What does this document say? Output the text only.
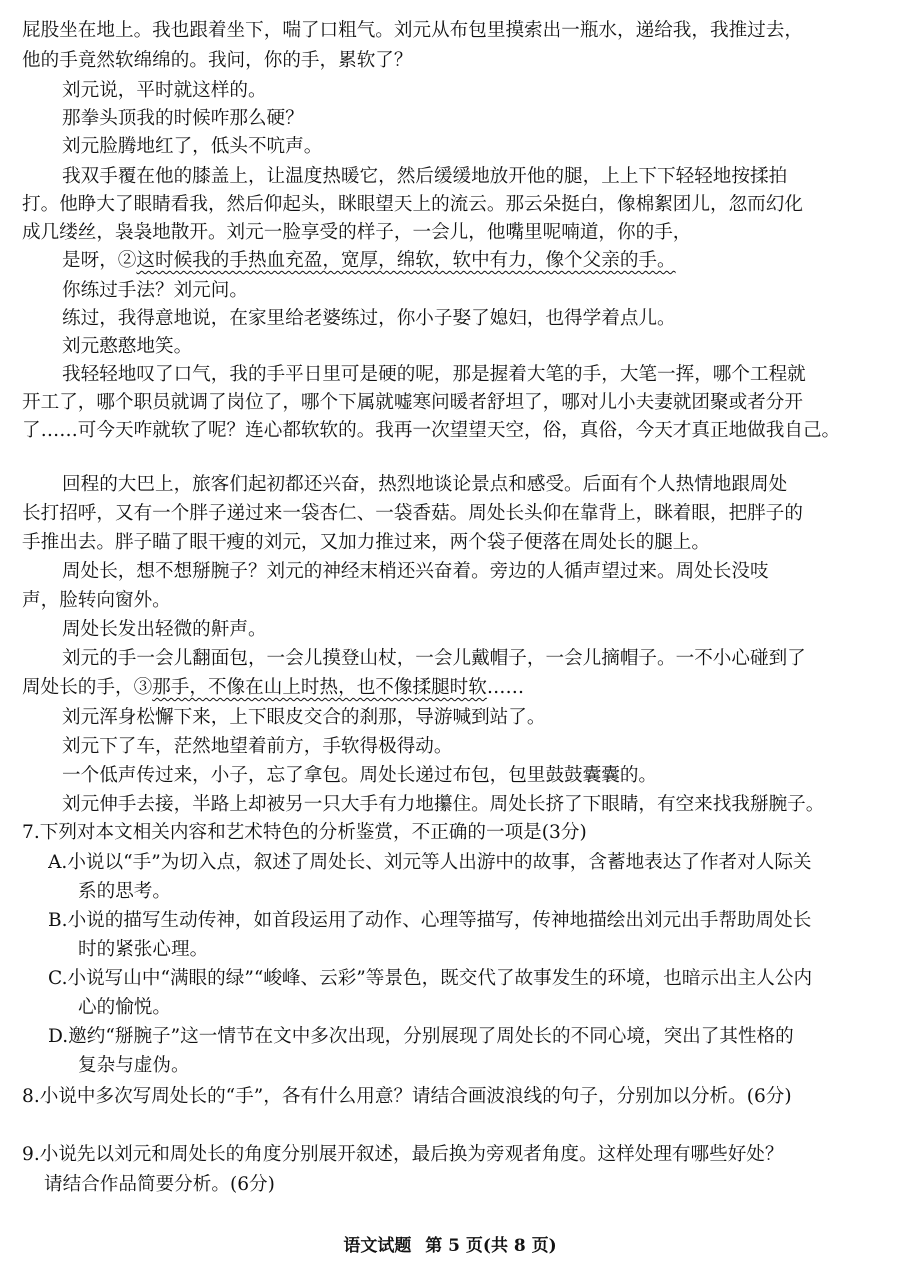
屁股坐在地上。我也跟着坐下，喘了口粗气。刘元从布包里摸索出一瓶水，递给我，我推过去，
他的手竟然软绵绵的。我问，你的手，累软了？
刘元说，平时就这样的。
那拳头顶我的时候咋那么硬？
刘元脸腾地红了，低头不吭声。
我双手覆在他的膝盖上，让温度热暖它，然后缓缓地放开他的腿，上上下下轻轻地按揉拍
打。他睁大了眼睛看我，然后仰起头，眯眼望天上的流云。那云朵挺白，像棉絮团儿，忽而幻化
成几缕丝，袅袅地散开。刘元一脸享受的样子，一会儿，他嘴里呢喃道，你的手，
是呀，②这时候我的手热血充盈，宽厚，绵软，软中有力，像个父亲的手。
你练过手法？刘元问。
练过，我得意地说，在家里给老婆练过，你小子娶了媳妇，也得学着点儿。
刘元憨憨地笑。
我轻轻地叹了口气，我的手平日里可是硬的呢，那是握着大笔的手，大笔一挥，哪个工程就
开工了，哪个职员就调了岗位了，哪个下属就嘘寒问暖者舒坦了，哪对儿小夫妻就团聚或者分开
了……可今天咋就软了呢？连心都软软的。我再一次望望天空，俗，真俗，今天才真正地做我自己。
回程的大巴上，旅客们起初都还兴奋，热烈地谈论景点和感受。后面有个人热情地跟周处
长打招呼，又有一个胖子递过来一袋杏仁、一袋香菇。周处长头仰在靠背上，眯着眼，把胖子的
手推出去。胖子瞄了眼干瘦的刘元，又加力推过来，两个袋子便落在周处长的腿上。
周处长，想不想掰腕子？刘元的神经末梢还兴奋着。旁边的人循声望过来。周处长没吱
声，脸转向窗外。
周处长发出轻微的鼾声。
刘元的手一会儿翻面包，一会儿摸登山杖，一会儿戴帽子，一会儿摘帽子。一不小心碰到了
周处长的手，③那手，不像在山上时热，也不像揉腿时软……
刘元浑身松懈下来，上下眼皮交合的刹那，导游喊到站了。
刘元下了车，茫然地望着前方，手软得极得动。
一个低声传过来，小子，忘了拿包。周处长递过布包，包里鼓鼓囊囊的。
刘元伸手去接，半路上却被另一只大手有力地攥住。周处长挤了下眼睛，有空来找我掰腕子。
7.下列对本文相关内容和艺术特色的分析鉴赏，不正确的一项是(3分)
A.小说以“手”为切入点，叙述了周处长、刘元等人出游中的故事，含蓄地表达了作者对人际关
系的思考。
B.小说的描写生动传神，如首段运用了动作、心理等描写，传神地描绘出刘元出手帮助周处长
时的紧张心理。
C.小说写山中“满眼的绿”“峻峰、云彩”等景色，既交代了故事发生的环境，也暗示出主人公内
心的愉悦。
D.邀约“掰腕子”这一情节在文中多次出现，分别展现了周处长的不同心境，突出了其性格的
复杂与虚伪。
8.小说中多次写周处长的“手”，各有什么用意？请结合画波浪线的句子，分别加以分析。(6分)
9.小说先以刘元和周处长的角度分别展开叙述，最后换为旁观者角度。这样处理有哪些好处？
请结合作品简要分析。(6分)
语文试题 第 5 页(共 8 页)
